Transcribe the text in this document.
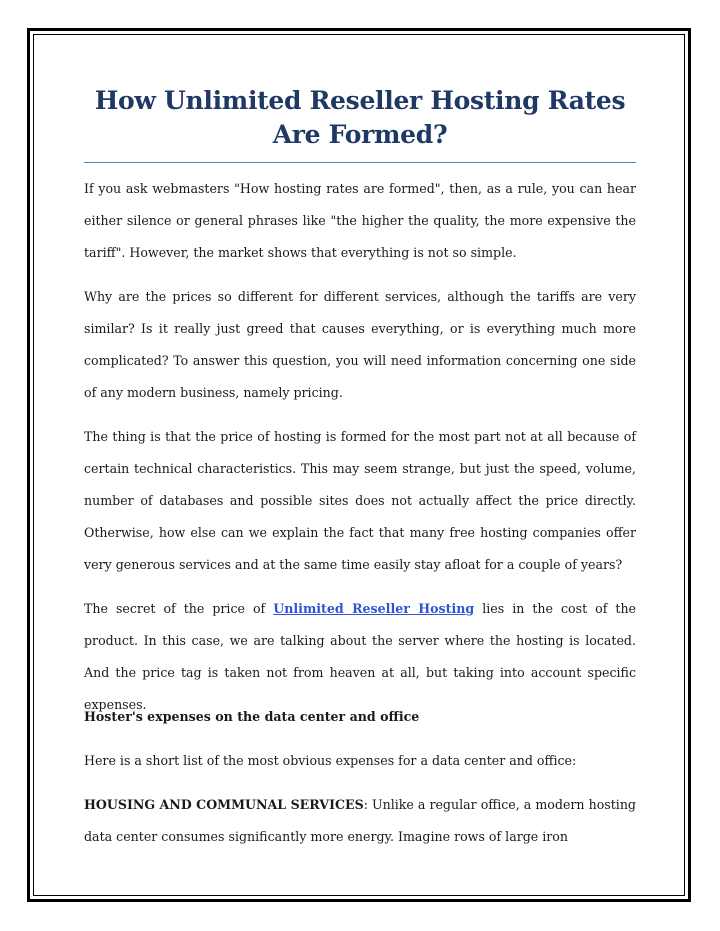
How Unlimited Reseller Hosting Rates Are Formed?

If you ask webmasters "How hosting rates are formed", then, as a rule, you can hear either silence or general phrases like "the higher the quality, the more expensive the tariff". However, the market shows that everything is not so simple.

Why are the prices so different for different services, although the tariffs are very similar? Is it really just greed that causes everything, or is everything much more complicated? To answer this question, you will need information concerning one side of any modern business, namely pricing.

The thing is that the price of hosting is formed for the most part not at all because of certain technical characteristics. This may seem strange, but just the speed, volume, number of databases and possible sites does not actually affect the price directly. Otherwise, how else can we explain the fact that many free hosting companies offer very generous services and at the same time easily stay afloat for a couple of years?

The secret of the price of Unlimited Reseller Hosting lies in the cost of the product. In this case, we are talking about the server where the hosting is located. And the price tag is taken not from heaven at all, but taking into account specific expenses.

Hoster's expenses on the data center and office

Here is a short list of the most obvious expenses for a data center and office:

HOUSING AND COMMUNAL SERVICES: Unlike a regular office, a modern hosting data center consumes significantly more energy. Imagine rows of large iron
